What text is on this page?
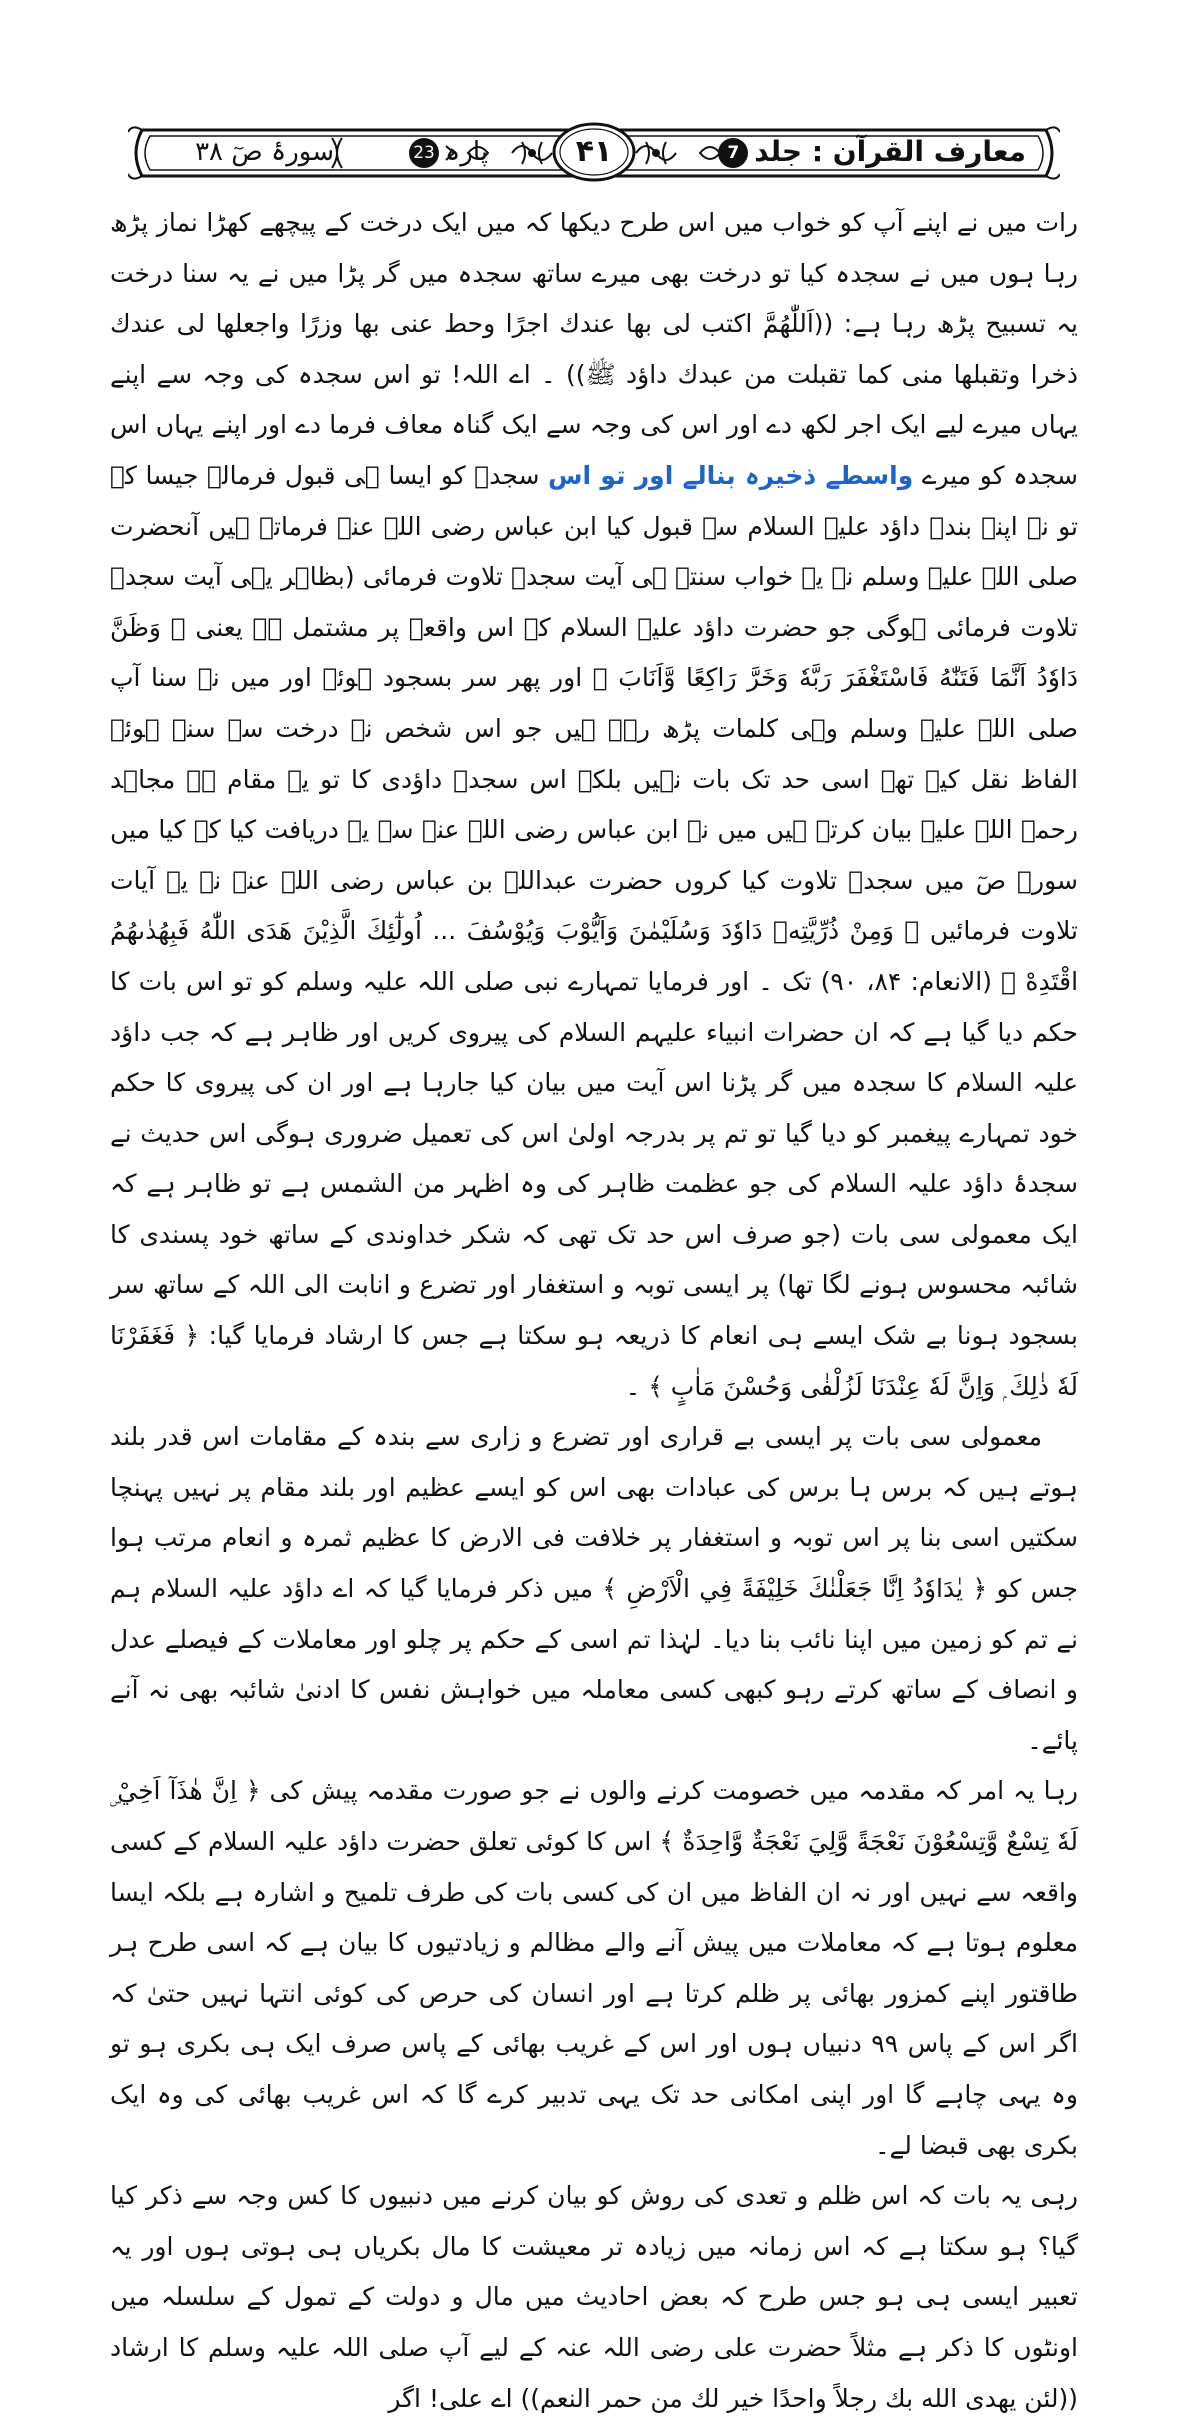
معارف القرآن : جلد7
۴۱
پارہ23
سورۂ صٓ ۳۸

رات میں نے اپنے آپ کو خواب میں اس طرح دیکھا کہ میں ایک درخت کے پیچھے کھڑا نماز پڑھ رہا ہوں میں نے سجدہ کیا تو درخت بھی میرے ساتھ سجدہ میں گر پڑا میں نے یہ سنا درخت یہ تسبیح پڑھ رہا ہے: ((اَللّٰهُمَّ اکتب لی بها عندك اجرًا وحط عنی بها وزرًا واجعلها لی عندك ذخرا وتقبلها منی کما تقبلت من عبدك داؤد ﷺ)) ۔ اے اللہ! تو اس سجدہ کی وجہ سے اپنے یہاں میرے لیے ایک اجر لکھ دے اور اس کی وجہ سے ایک گناہ معاف فرما دے اور اپنے یہاں اس سجدہ کو میرے واسطے ذخیرہ بنالے اور تو اس سجدہ کو ایسا ہی قبول فرمالے جیسا کہ تو نے اپنے بندہ داؤد علیہ السلام سے قبول کیا ابن عباس رضی اللہ عنہ فرماتے ہیں آنحضرت صلی اللہ علیہ وسلم نے یہ خواب سنتے ہی آیت سجدہ تلاوت فرمائی (بظاہر یہی آیت سجدہ تلاوت فرمائی ہوگی جو حضرت داؤد علیہ السلام کے اس واقعہ پر مشتمل ہے یعنی ﴿ وَظَنَّ دَاوٗدُ اَنَّمَا فَتَنّٰهُ فَاسْتَغْفَرَ رَبَّهٗ وَخَرَّ رَاكِعًا وَّاَنَابَ ﴾ اور پھر سر بسجود ہوئے اور میں نے سنا آپ صلی اللہ علیہ وسلم وہی کلمات پڑھ رہے ہیں جو اس شخص نے درخت سے سنے ہوئے الفاظ نقل کیے تھے اسی حد تک بات نہیں بلکہ اس سجدۂ داؤدی کا تو یہ مقام ہے مجاہد رحمۃ اللہ علیہ بیان کرتے ہیں میں نے ابن عباس رضی اللہ عنہ سے یہ دریافت کیا کہ کیا میں سورۂ صٓ میں سجدہ تلاوت کیا کروں حضرت عبداللہ بن عباس رضی اللہ عنہ نے یہ آیات تلاوت فرمائیں ﴿ وَمِنْ ذُرِّيَّتِهٖ دَاوٗدَ وَسُلَيْمٰنَ وَاَيُّوْبَ وَيُوْسُفَ ... اُولٰٓئِكَ الَّذِيْنَ هَدَى اللّٰهُ فَبِهُدٰىهُمُ اقْتَدِهْ ﴾ (الانعام: ۸۴، ۹۰) تک ۔ اور فرمایا تمہارے نبی صلی اللہ علیہ وسلم کو تو اس بات کا حکم دیا گیا ہے کہ ان حضرات انبیاء علیہم السلام کی پیروی کریں اور ظاہر ہے کہ جب داؤد علیہ السلام کا سجدہ میں گر پڑنا اس آیت میں بیان کیا جارہا ہے اور ان کی پیروی کا حکم خود تمہارے پیغمبر کو دیا گیا تو تم پر بدرجہ اولیٰ اس کی تعمیل ضروری ہوگی اس حدیث نے سجدۂ داؤد علیہ السلام کی جو عظمت ظاہر کی وہ اظہر من الشمس ہے تو ظاہر ہے کہ ایک معمولی سی بات (جو صرف اس حد تک تھی کہ شکر خداوندی کے ساتھ خود پسندی کا شائبہ محسوس ہونے لگا تھا) پر ایسی توبہ و استغفار اور تضرع و انابت الی اللہ کے ساتھ سر بسجود ہونا بے شک ایسے ہی انعام کا ذریعہ ہو سکتا ہے جس کا ارشاد فرمایا گیا: ﴿ فَغَفَرْنَا لَهٗ ذٰلِكَ ۭ وَاِنَّ لَهٗ عِنْدَنَا لَزُلْفٰى وَحُسْنَ مَاٰبٍ ﴾ ۔

معمولی سی بات پر ایسی بے قراری اور تضرع و زاری سے بندہ کے مقامات اس قدر بلند ہوتے ہیں کہ برس ہا برس کی عبادات بھی اس کو ایسے عظیم اور بلند مقام پر نہیں پہنچا سکتیں اسی بنا پر اس توبہ و استغفار پر خلافت فی الارض کا عظیم ثمرہ و انعام مرتب ہوا جس کو ﴿ يٰدَاوٗدُ اِنَّا جَعَلْنٰكَ خَلِيْفَةً فِي الْاَرْضِ ﴾ میں ذکر فرمایا گیا کہ اے داؤد علیہ السلام ہم نے تم کو زمین میں اپنا نائب بنا دیا۔ لہٰذا تم اسی کے حکم پر چلو اور معاملات کے فیصلے عدل و انصاف کے ساتھ کرتے رہو کبھی کسی معاملہ میں خواہش نفس کا ادنیٰ شائبہ بھی نہ آنے پائے۔

رہا یہ امر کہ مقدمہ میں خصومت کرنے والوں نے جو صورت مقدمہ پیش کی ﴿ اِنَّ هٰذَآ اَخِيْ ۣ لَهٗ تِسْعٌ وَّتِسْعُوْنَ نَعْجَةً وَّلِيَ نَعْجَةٌ وَّاحِدَةٌ ﴾ اس کا کوئی تعلق حضرت داؤد علیہ السلام کے کسی واقعہ سے نہیں اور نہ ان الفاظ میں ان کی کسی بات کی طرف تلمیح و اشارہ ہے بلکہ ایسا معلوم ہوتا ہے کہ معاملات میں پیش آنے والے مظالم و زیادتیوں کا بیان ہے کہ اسی طرح ہر طاقتور اپنے کمزور بھائی پر ظلم کرتا ہے اور انسان کی حرص کی کوئی انتہا نہیں حتیٰ کہ اگر اس کے پاس ۹۹ دنبیاں ہوں اور اس کے غریب بھائی کے پاس صرف ایک ہی بکری ہو تو وہ یہی چاہے گا اور اپنی امکانی حد تک یہی تدبیر کرے گا کہ اس غریب بھائی کی وہ ایک بکری بھی قبضا لے۔

رہی یہ بات کہ اس ظلم و تعدی کی روش کو بیان کرنے میں دنبیوں کا کس وجہ سے ذکر کیا گیا؟ ہو سکتا ہے کہ اس زمانہ میں زیادہ تر معیشت کا مال بکریاں ہی ہوتی ہوں اور یہ تعبیر ایسی ہی ہو جس طرح کہ بعض احادیث میں مال و دولت کے تمول کے سلسلہ میں اونٹوں کا ذکر ہے مثلاً حضرت علی رضی اللہ عنہ کے لیے آپ صلی اللہ علیہ وسلم کا ارشاد ((لئن یهدی الله بك رجلاً واحدًا خیر لك من حمر النعم)) اے علی! اگر
